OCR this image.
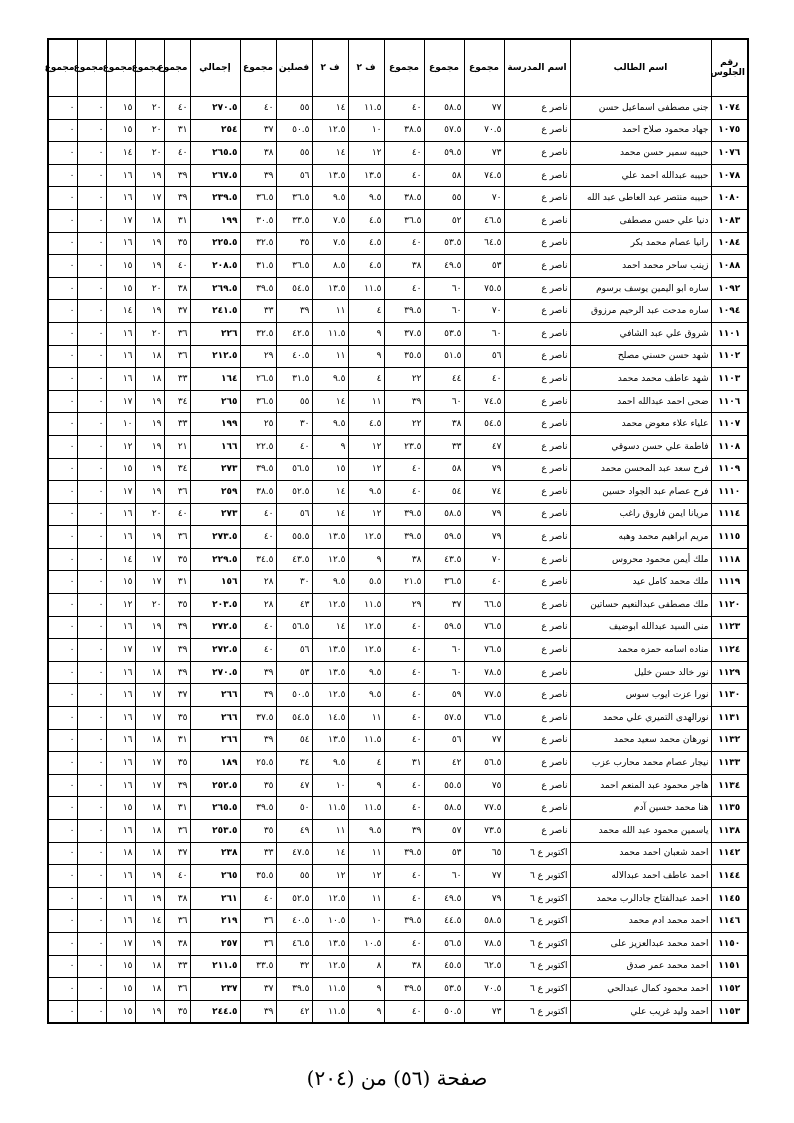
رقم الجلوس	اسم الطالب	اسم المدرسة	مجموع	مجموع	مجموع	ف ٢	ف ٢	فصلين	مجموع	إجمالي	مجموع	مجموع	مجموع	مجموع	مجموع
١٠٧٤	جنى مصطفى اسماعيل حسن	ناصر ع	٧٧	٥٨.٥	٤٠	١١.٥	١٤	٥٥	٤٠	٢٧٠.٥	٤٠	٢٠	١٥	٠	٠
١٠٧٥	جهاد محمود صلاح احمد	ناصر ع	٧٠.٥	٥٧.٥	٣٨.٥	١٠	١٢.٥	٥٠.٥	٣٧	٢٥٤	٣١	٢٠	١٥	٠	٠
١٠٧٦	حبيبه سمير حسن محمد	ناصر ع	٧٣	٥٩.٥	٤٠	١٢	١٤	٥٥	٣٨	٢٦٥.٥	٤٠	٢٠	١٤	٠	٠
١٠٧٨	حبيبه عبدالله احمد علي	ناصر ع	٧٤.٥	٥٨	٤٠	١٣.٥	١٣.٥	٥٦	٣٩	٢٦٧.٥	٣٩	١٩	١٦	٠	٠
١٠٨٠	حبيبه منتصر عبد العاطى عبد الله	ناصر ع	٧٠	٥٥	٣٨.٥	٩.٥	٩.٥	٣٦.٥	٣٦.٥	٢٣٩.٥	٣٩	١٧	١٦	٠	٠
١٠٨٣	دنيا علي حسن مصطفى	ناصر ع	٤٦.٥	٥٢	٣٦.٥	٤.٥	٧.٥	٣٣.٥	٣٠.٥	١٩٩	٣١	١٨	١٧	٠	٠
١٠٨٤	رانيا عصام محمد بكر	ناصر ع	٦٤.٥	٥٣.٥	٤٠	٤.٥	٧.٥	٣٥	٣٢.٥	٢٢٥.٥	٣٥	١٩	١٦	٠	٠
١٠٨٨	زينب ساحر محمد احمد	ناصر ع	٥٣	٤٩.٥	٣٨	٤.٥	٨.٥	٣٦.٥	٣١.٥	٢٠٨.٥	٤٠	١٩	١٥	٠	٠
١٠٩٢	ساره ابو اليمين يوسف برسوم	ناصر ع	٧٥.٥	٦٠	٤٠	١١.٥	١٣.٥	٥٤.٥	٣٩.٥	٢٦٩.٥	٣٨	٢٠	١٥	٠	٠
١٠٩٤	ساره مدحت عبد الرحيم مرزوق	ناصر ع	٧٠	٦٠	٣٩.٥	٤	١١	٣٩	٣٣	٢٤١.٥	٣٧	١٩	١٤	٠	٠
١١٠١	شروق علي عبد الشافي	ناصر ع	٦٠	٥٣.٥	٣٧.٥	٩	١١.٥	٤٢.٥	٣٢.٥	٢٢٦	٣٦	٢٠	١٦	٠	٠
١١٠٢	شهد حسن حسني مصلح	ناصر ع	٥٦	٥١.٥	٣٥.٥	٩	١١	٤٠.٥	٢٩	٢١٢.٥	٣٦	١٨	١٦	٠	٠
١١٠٣	شهد عاطف محمد محمد	ناصر ع	٤٠	٤٤	٢٢	٤	٩.٥	٣١.٥	٢٦.٥	١٦٤	٣٣	١٨	١٦	٠	٠
١١٠٦	ضحى احمد عبدالله احمد	ناصر ع	٧٤.٥	٦٠	٣٩	١١	١٤	٥٥	٣٦.٥	٢٦٥	٣٤	١٩	١٧	٠	٠
١١٠٧	علياء علاء معوض محمد	ناصر ع	٥٤.٥	٣٨	٢٢	٤.٥	٩.٥	٣٠	٢٥	١٩٩	٣٣	١٩	١٠	٠	٠
١١٠٨	فاطمة علي حسن دسوقي	ناصر ع	٤٧	٣٣	٢٣.٥	١٢	٩	٤٠	٢٢.٥	١٦٦	٢١	١٩	١٢	٠	٠
١١٠٩	فرح سعد عبد المحسن محمد	ناصر ع	٧٩	٥٨	٤٠	١٢	١٥	٥٦.٥	٣٩.٥	٢٧٣	٣٤	١٩	١٥	٠	٠
١١١٠	فرح عصام عبد الجواد حسين	ناصر ع	٧٤	٥٤	٤٠	٩.٥	١٤	٥٢.٥	٣٨.٥	٢٥٩	٣٦	١٩	١٧	٠	٠
١١١٤	مريانا ايمن فاروق راغب	ناصر ع	٧٩	٥٨.٥	٣٩.٥	١٢	١٤	٥٦	٤٠	٢٧٣	٤٠	٢٠	١٦	٠	٠
١١١٥	مريم ابراهيم محمد وهبه	ناصر ع	٧٩	٥٩.٥	٣٩.٥	١٢.٥	١٣.٥	٥٥.٥	٤٠	٢٧٣.٥	٣٦	١٩	١٦	٠	٠
١١١٨	ملك أيمن محمود محروس	ناصر ع	٧٠	٤٣.٥	٣٨	٩	١٢.٥	٤٣.٥	٣٤.٥	٢٢٩.٥	٣٥	١٧	١٤	٠	٠
١١١٩	ملك محمد كامل عيد	ناصر ع	٤٠	٣٦.٥	٢١.٥	٥.٥	٩.٥	٣٠	٢٨	١٥٦	٣١	١٧	١٥	٠	٠
١١٢٠	ملك مصطفى عبدالنعيم حساتين	ناصر ع	٦٦.٥	٣٧	٢٩	١١.٥	١٢.٥	٤٣	٢٨	٢٠٣.٥	٣٥	٢٠	١٢	٠	٠
١١٢٣	منى السيد عبدالله ابوضيف	ناصر ع	٧٦.٥	٥٩.٥	٤٠	١٢.٥	١٤	٥٦.٥	٤٠	٢٧٢.٥	٣٩	١٩	١٦	٠	٠
١١٢٤	مناده اسامه حمزه محمد	ناصر ع	٧٦.٥	٦٠	٤٠	١٢.٥	١٣.٥	٥٦	٤٠	٢٧٢.٥	٣٩	١٧	١٧	٠	٠
١١٢٩	نور خالد حسن خليل	ناصر ع	٧٨.٥	٦٠	٤٠	٩.٥	١٣.٥	٥٣	٣٩	٢٧٠.٥	٣٩	١٨	١٦	٠	٠
١١٣٠	نورا عزت ايوب سوس	ناصر ع	٧٧.٥	٥٩	٤٠	٩.٥	١٢.٥	٥٠.٥	٣٩	٢٦٦	٣٧	١٧	١٦	٠	٠
١١٣١	نورالهدى التميري علي محمد	ناصر ع	٧٦.٥	٥٧.٥	٤٠	١١	١٤.٥	٥٤.٥	٣٧.٥	٢٦٦	٣٥	١٧	١٦	٠	٠
١١٣٢	نورهان محمد سعيد محمد	ناصر ع	٧٧	٥٦	٤٠	١١.٥	١٣.٥	٥٤	٣٩	٢٦٦	٣١	١٨	١٦	٠	٠
١١٣٣	نيجار عصام محمد محارب عزب	ناصر ع	٥٦.٥	٤٢	٣١	٤	٩.٥	٣٤	٢٥.٥	١٨٩	٣٥	١٧	١٦	٠	٠
١١٣٤	هاجر محمود عبد المنعم احمد	ناصر ع	٧٥	٥٥.٥	٤٠	٩	١٠	٤٧	٣٥	٢٥٢.٥	٣٩	١٧	١٦	٠	٠
١١٣٥	هنا محمد حسين آدم	ناصر ع	٧٧.٥	٥٨.٥	٤٠	١١.٥	١١.٥	٥٠	٣٩.٥	٢٦٥.٥	٣١	١٨	١٥	٠	٠
١١٣٨	ياسمين محمود عبد الله محمد	ناصر ع	٧٣.٥	٥٧	٣٩	٩.٥	١١	٤٩	٣٥	٢٥٣.٥	٣٦	١٨	١٦	٠	٠
١١٤٢	احمد شعبان احمد محمد	اكتوبر ع ٦	٦٥	٥٣	٣٩.٥	١١	١٤	٤٧.٥	٣٣	٢٣٨	٣٧	١٨	١٨	٠	٠
١١٤٤	احمد عاطف احمد عبدالاله	اكتوبر ع ٦	٧٧	٦٠	٤٠	١٢	١٢	٥٥	٣٥.٥	٢٦٥	٤٠	١٩	١٦	٠	٠
١١٤٥	احمد عبدالفتاح جادالرب محمد	اكتوبر ع ٦	٧٩	٤٩.٥	٤٠	١١	١٢.٥	٥٢.٥	٤٠	٢٦١	٣٨	١٩	١٦	٠	٠
١١٤٦	احمد محمد ادم محمد	اكتوبر ع ٦	٥٨.٥	٤٤.٥	٣٩.٥	١٠	١٠.٥	٤٠.٥	٣٦	٢١٩	٣٦	١٤	١٦	٠	٠
١١٥٠	احمد محمد عبدالعزيز على	اكتوبر ع ٦	٧٨.٥	٥٦.٥	٤٠	١٠.٥	١٣.٥	٤٦.٥	٣٦	٢٥٧	٣٨	١٩	١٧	٠	٠
١١٥١	احمد محمد عمر صدق	اكتوبر ع ٦	٦٢.٥	٤٥.٥	٣٨	٨	١٢.٥	٣٢	٣٣.٥	٢١١.٥	٣٣	١٨	١٥	٠	٠
١١٥٢	احمد محمود كمال عبدالحي	اكتوبر ع ٦	٧٠.٥	٥٣.٥	٣٩.٥	٩	١١.٥	٣٩.٥	٣٧	٢٣٧	٣٦	١٨	١٥	٠	٠
١١٥٣	احمد وليد غريب علي	اكتوبر ع ٦	٧٣	٥٠.٥	٤٠	٩	١١.٥	٤٢	٣٩	٢٤٤.٥	٣٥	١٩	١٥	٠	٠
صفحة (٥٦) من (٢٠٤)
